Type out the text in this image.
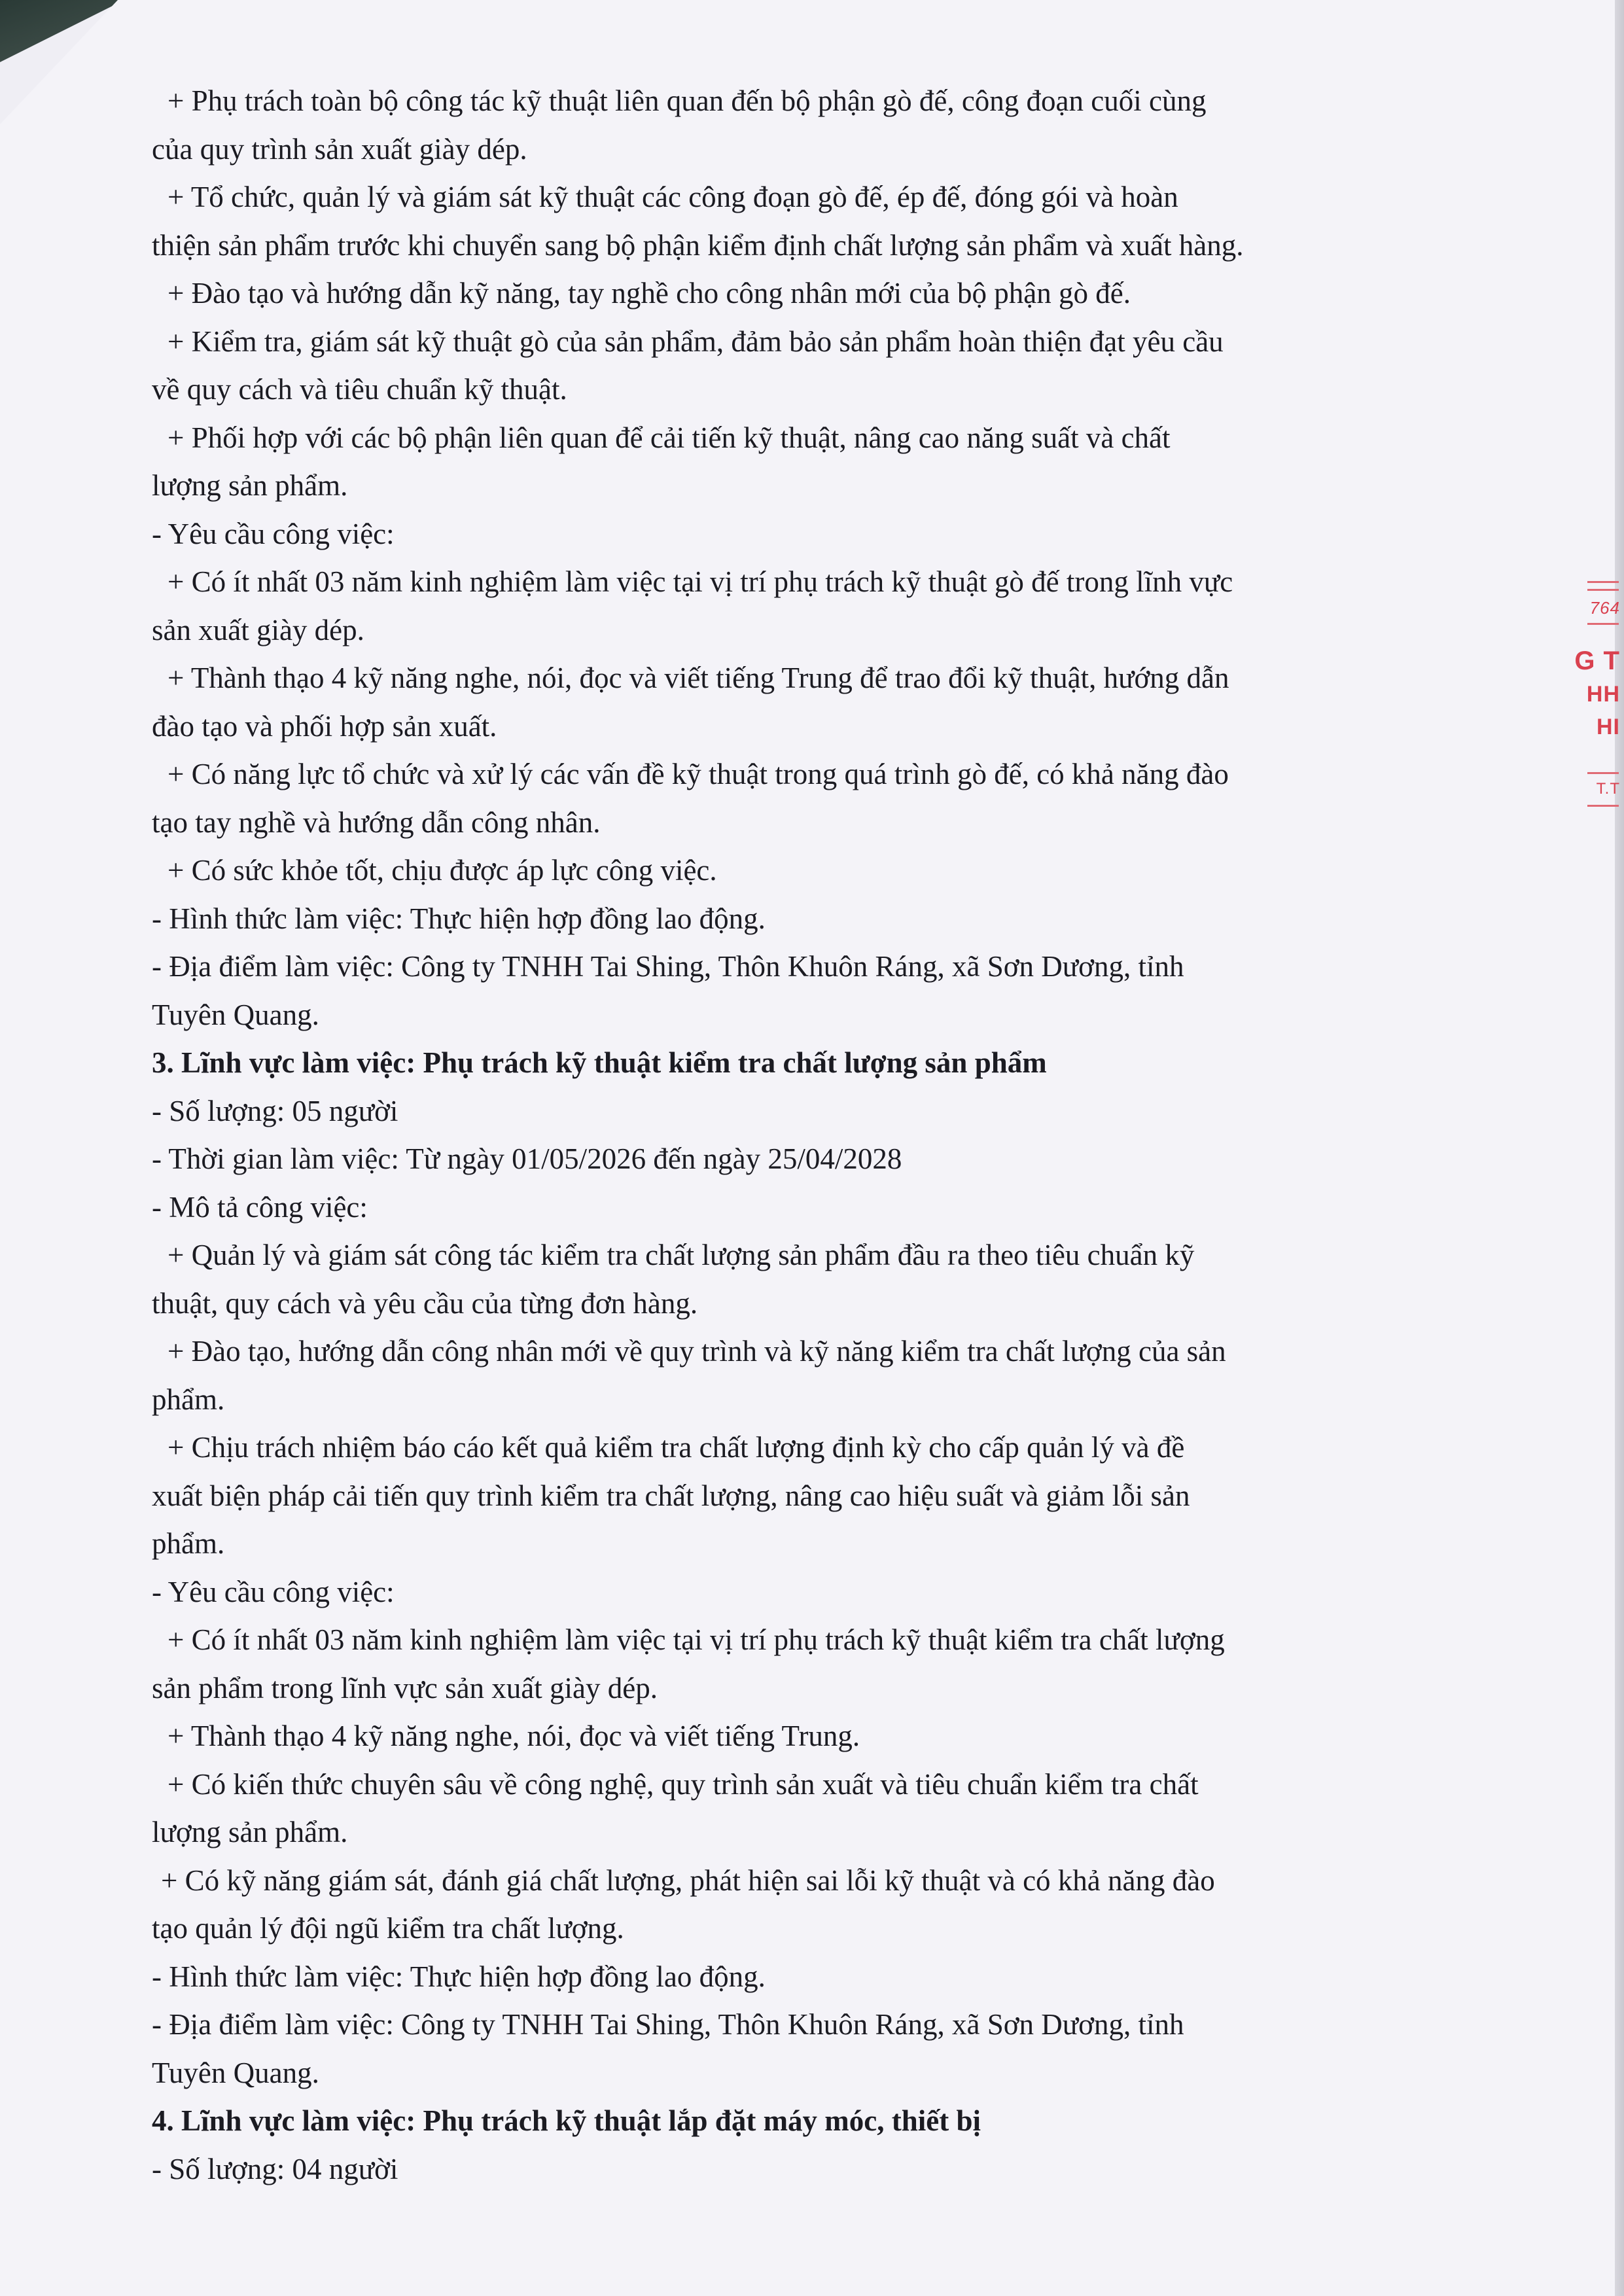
+ Phụ trách toàn bộ công tác kỹ thuật liên quan đến bộ phận gò đế, công đoạn cuối cùng
của quy trình sản xuất giày dép.
+ Tổ chức, quản lý và giám sát kỹ thuật các công đoạn gò đế, ép đế, đóng gói và hoàn
thiện sản phẩm trước khi chuyển sang bộ phận kiểm định chất lượng sản phẩm và xuất hàng.
+ Đào tạo và hướng dẫn kỹ năng, tay nghề cho công nhân mới của bộ phận gò đế.
+ Kiểm tra, giám sát kỹ thuật gò của sản phẩm, đảm bảo sản phẩm hoàn thiện đạt yêu cầu
về quy cách và tiêu chuẩn kỹ thuật.
+ Phối hợp với các bộ phận liên quan để cải tiến kỹ thuật, nâng cao năng suất và chất
lượng sản phẩm.
- Yêu cầu công việc:
+ Có ít nhất 03 năm kinh nghiệm làm việc tại vị trí phụ trách kỹ thuật gò đế trong lĩnh vực
sản xuất giày dép.
+ Thành thạo 4 kỹ năng nghe, nói, đọc và viết tiếng Trung để trao đổi kỹ thuật, hướng dẫn
đào tạo và phối hợp sản xuất.
+ Có năng lực tổ chức và xử lý các vấn đề kỹ thuật trong quá trình gò đế, có khả năng đào
tạo tay nghề và hướng dẫn công nhân.
+ Có sức khỏe tốt, chịu được áp lực công việc.
- Hình thức làm việc: Thực hiện hợp đồng lao động.
- Địa điểm làm việc: Công ty TNHH Tai Shing, Thôn Khuôn Ráng, xã Sơn Dương, tỉnh
Tuyên Quang.
3. Lĩnh vực làm việc: Phụ trách kỹ thuật kiểm tra chất lượng sản phẩm
- Số lượng: 05 người
- Thời gian làm việc: Từ ngày 01/05/2026 đến ngày 25/04/2028
- Mô tả công việc:
+ Quản lý và giám sát công tác kiểm tra chất lượng sản phẩm đầu ra theo tiêu chuẩn kỹ
thuật, quy cách và yêu cầu của từng đơn hàng.
+ Đào tạo, hướng dẫn công nhân mới về quy trình và kỹ năng kiểm tra chất lượng của sản
phẩm.
+ Chịu trách nhiệm báo cáo kết quả kiểm tra chất lượng định kỳ cho cấp quản lý và đề
xuất biện pháp cải tiến quy trình kiểm tra chất lượng, nâng cao hiệu suất và giảm lỗi sản
phẩm.
- Yêu cầu công việc:
+ Có ít nhất 03 năm kinh nghiệm làm việc tại vị trí phụ trách kỹ thuật kiểm tra chất lượng
sản phẩm trong lĩnh vực sản xuất giày dép.
+ Thành thạo 4 kỹ năng nghe, nói, đọc và viết tiếng Trung.
+ Có kiến thức chuyên sâu về công nghệ, quy trình sản xuất và tiêu chuẩn kiểm tra chất
lượng sản phẩm.
+ Có kỹ năng giám sát, đánh giá chất lượng, phát hiện sai lỗi kỹ thuật và có khả năng đào
tạo quản lý đội ngũ kiểm tra chất lượng.
- Hình thức làm việc: Thực hiện hợp đồng lao động.
- Địa điểm làm việc: Công ty TNHH Tai Shing, Thôn Khuôn Ráng, xã Sơn Dương, tỉnh
Tuyên Quang.
4. Lĩnh vực làm việc: Phụ trách kỹ thuật lắp đặt máy móc, thiết bị
- Số lượng: 04 người
764
G T
HH
HI
T.T
